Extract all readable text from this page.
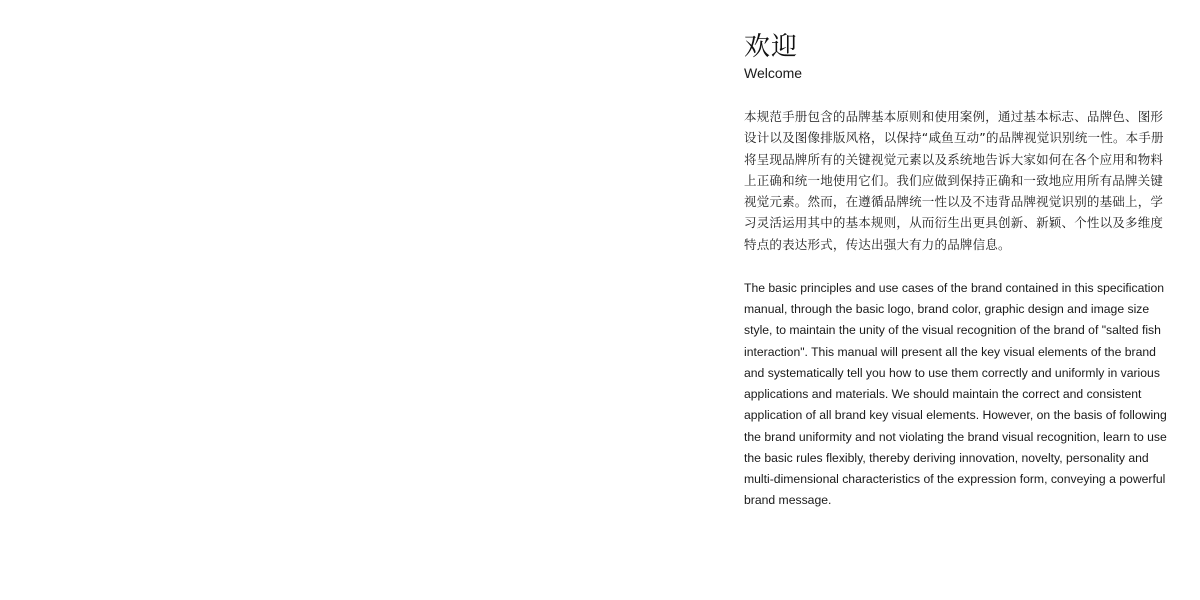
欢迎
Welcome

本规范手册包含的品牌基本原则和使用案例，通过基本标志、品牌色、图形设计以及图像排版风格，以保持“咸鱼互动”的品牌视觉识别统一性。本手册将呈现品牌所有的关键视觉元素以及系统地告诉大家如何在各个应用和物料上正确和统一地使用它们。我们应做到保持正确和一致地应用所有品牌关键视觉元素。然而，在遵循品牌统一性以及不违背品牌视觉识别的基础上，学习灵活运用其中的基本规则，从而衍生出更具创新、新颖、个性以及多维度特点的表达形式，传达出强大有力的品牌信息。

The basic principles and use cases of the brand contained in this specification manual, through the basic logo, brand color, graphic design and image size style, to maintain the unity of the visual recognition of the brand of "salted fish interaction". This manual will present all the key visual elements of the brand and systematically tell you how to use them correctly and uniformly in various applications and materials. We should maintain the correct and consistent application of all brand key visual elements. However, on the basis of following the brand uniformity and not violating the brand visual recognition, learn to use the basic rules flexibly, thereby deriving innovation, novelty, personality and multi-dimensional characteristics of the expression form, conveying a powerful brand message.
